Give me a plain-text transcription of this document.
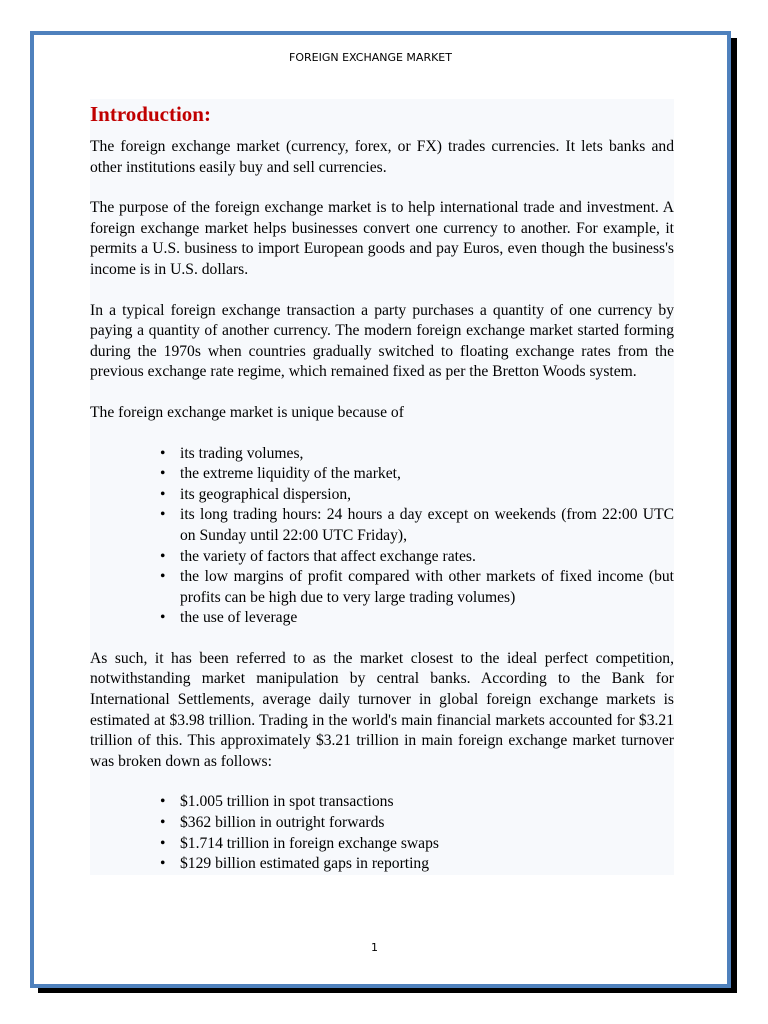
FOREIGN EXCHANGE MARKET
Introduction:

The foreign exchange market (currency, forex, or FX) trades currencies. It lets banks and other institutions easily buy and sell currencies.

The purpose of the foreign exchange market is to help international trade and investment. A foreign exchange market helps businesses convert one currency to another. For example, it permits a U.S. business to import European goods and pay Euros, even though the business's income is in U.S. dollars.

In a typical foreign exchange transaction a party purchases a quantity of one currency by paying a quantity of another currency. The modern foreign exchange market started forming during the 1970s when countries gradually switched to floating exchange rates from the previous exchange rate regime, which remained fixed as per the Bretton Woods system.

The foreign exchange market is unique because of

• its trading volumes,
• the extreme liquidity of the market,
• its geographical dispersion,
• its long trading hours: 24 hours a day except on weekends (from 22:00 UTC on Sunday until 22:00 UTC Friday),
• the variety of factors that affect exchange rates.
• the low margins of profit compared with other markets of fixed income (but profits can be high due to very large trading volumes)
• the use of leverage

As such, it has been referred to as the market closest to the ideal perfect competition, notwithstanding market manipulation by central banks. According to the Bank for International Settlements, average daily turnover in global foreign exchange markets is estimated at $3.98 trillion. Trading in the world's main financial markets accounted for $3.21 trillion of this. This approximately $3.21 trillion in main foreign exchange market turnover was broken down as follows:

• $1.005 trillion in spot transactions
• $362 billion in outright forwards
• $1.714 trillion in foreign exchange swaps
• $129 billion estimated gaps in reporting
1
